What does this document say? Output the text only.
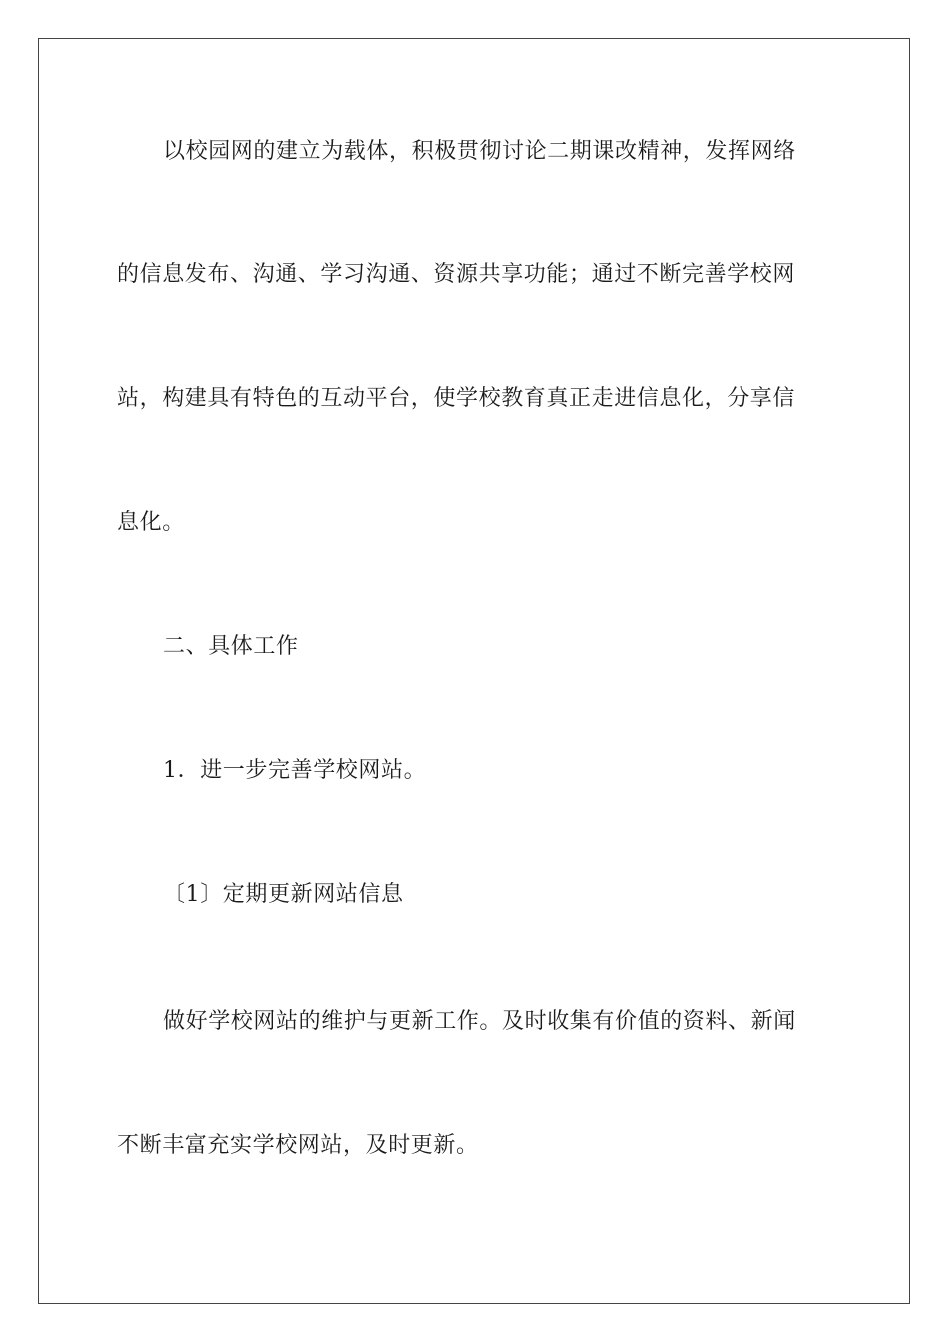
以校园网的建立为载体，积极贯彻讨论二期课改精神，发挥网络
的信息发布、沟通、学习沟通、资源共享功能；通过不断完善学校网
站，构建具有特色的互动平台，使学校教育真正走进信息化，分享信
息化。
二、具体工作
1．进一步完善学校网站。
〔1〕定期更新网站信息
做好学校网站的维护与更新工作。及时收集有价值的资料、新闻
不断丰富充实学校网站，及时更新。
